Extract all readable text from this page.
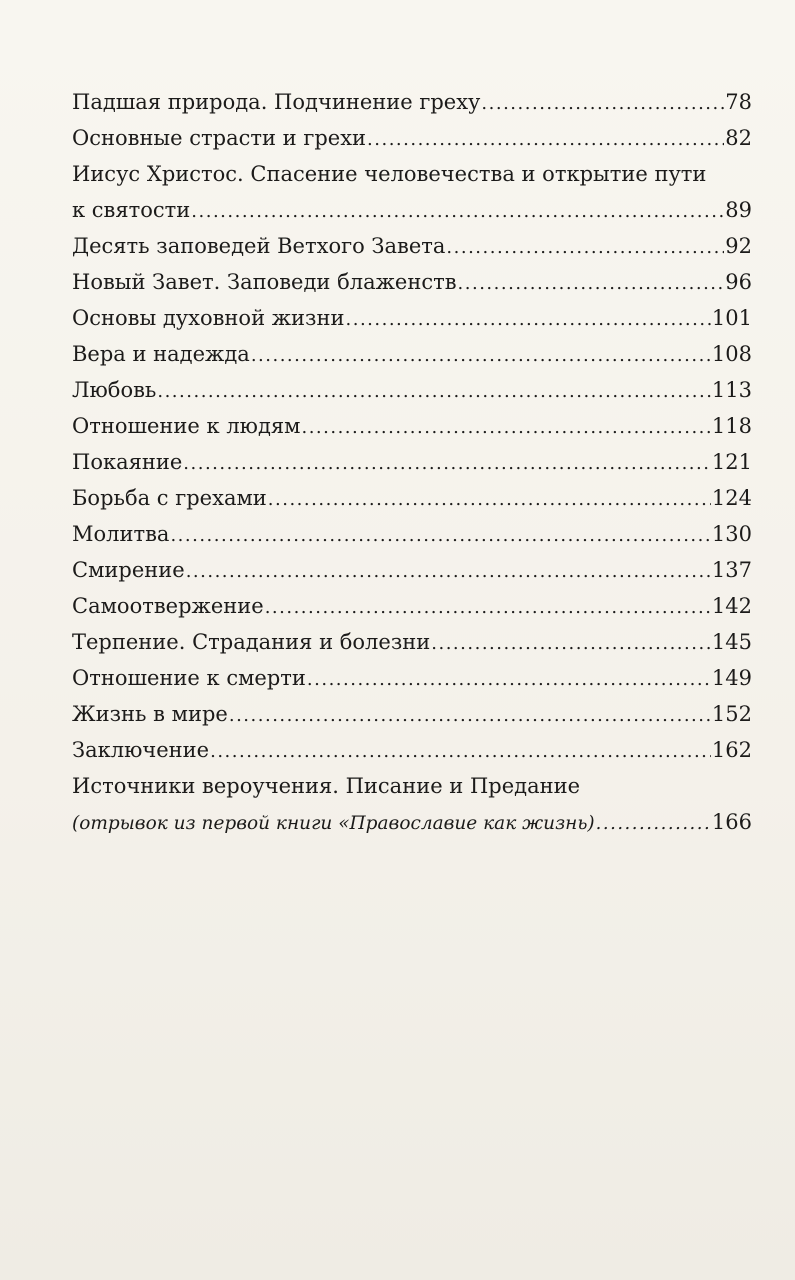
Падшая природа. Подчинение греху .....	78
Основные страсти и грехи .....	82
Иисус Христос. Спасение человечества и открытие пути
к святости .....	89
Десять заповедей Ветхого Завета .....	92
Новый Завет. Заповеди блаженств .....	96
Основы духовной жизни .....	101
Вера и надежда .....	108
Любовь .....	113
Отношение к людям .....	118
Покаяние .....	121
Борьба с грехами .....	124
Молитва .....	130
Смирение .....	137
Самоотвержение .....	142
Терпение. Страдания и болезни .....	145
Отношение к смерти .....	149
Жизнь в мире .....	152
Заключение .....	162
Источники вероучения. Писание и Предание
(отрывок из первой книги «Православие как жизнь) .....	166
